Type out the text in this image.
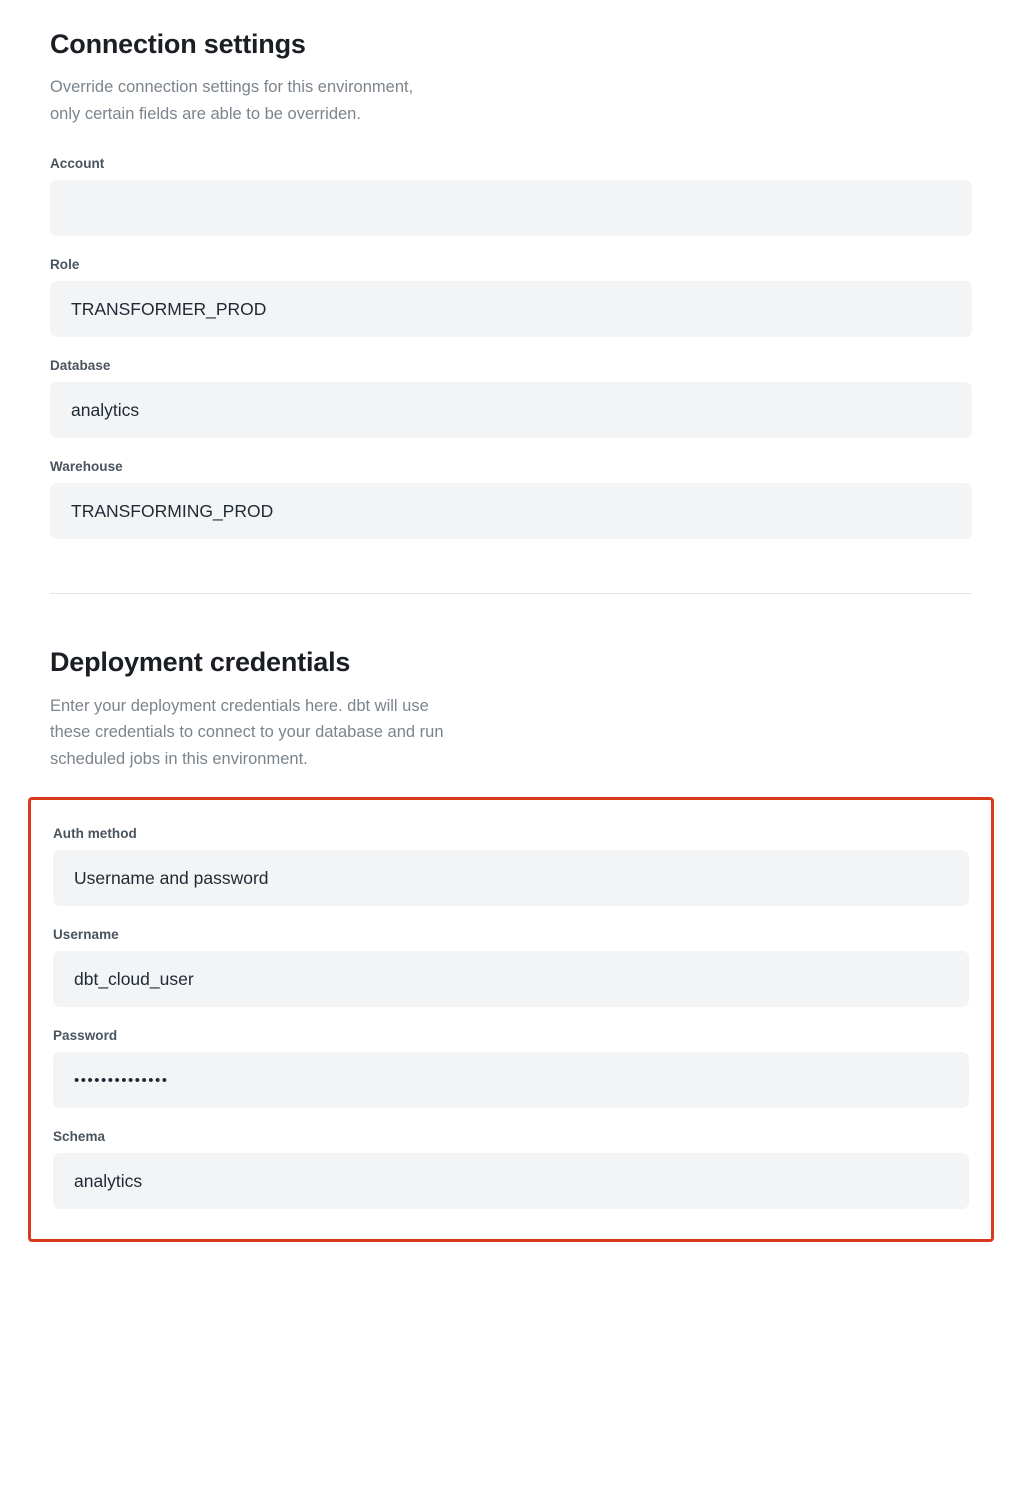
Connection settings

Override connection settings for this environment,
only certain fields are able to be overriden.

Account
Role
TRANSFORMER_PROD
Database
analytics
Warehouse
TRANSFORMING_PROD
Deployment credentials

Enter your deployment credentials here. dbt will use
these credentials to connect to your database and run
scheduled jobs in this environment.

Auth method
Username and password
Username
dbt_cloud_user
Password
••••••••••••••
Schema
analytics
